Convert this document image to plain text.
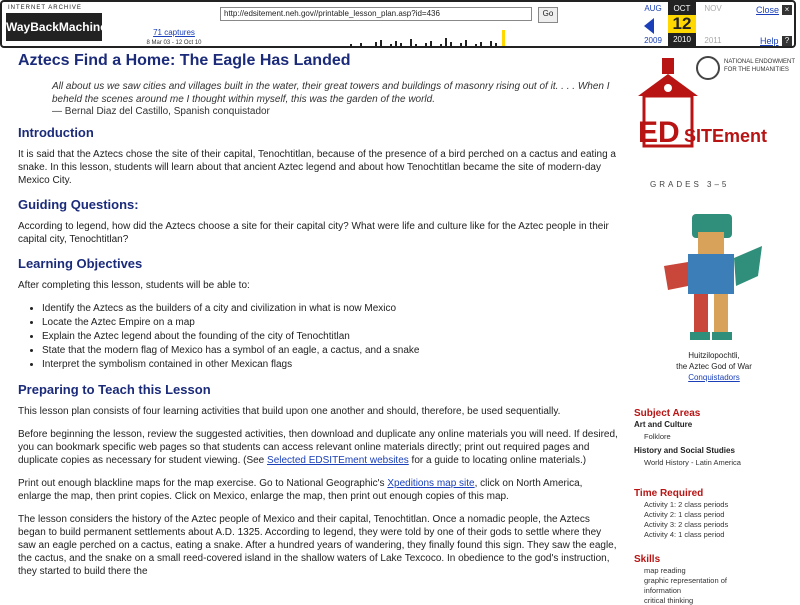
INTERNET ARCHIVE
WayBackMachine	71 captures
8 Mar 03 - 12 Oct 10
http://edsitement.neh.gov//printable_lesson_plan.asp?id=436	Go
AUG	OCT
12
2010
NOV
2009	2011
Close ×
Help ?
Aztecs Find a Home: The Eagle Has Landed
All about us we saw cities and villages built in the water, their great towers and buildings of masonry rising out of it. . . . When I beheld the scenes around me I thought within myself, this was the garden of the world.
— Bernal Diaz del Castillo, Spanish conquistador
Introduction

It is said that the Aztecs chose the site of their capital, Tenochtitlan, because of the presence of a bird perched on a cactus and eating a snake. In this lesson, students will learn about that ancient Aztec legend and about how Tenochtitlan became the site of modern-day Mexico City.

Guiding Questions:

According to legend, how did the Aztecs choose a site for their capital city? What were life and culture like for the Aztec people in their capital city, Tenochtitlan?

Learning Objectives

After completing this lesson, students will be able to:

• Identify the Aztecs as the builders of a city and civilization in what is now Mexico
• Locate the Aztec Empire on a map
• Explain the Aztec legend about the founding of the city of Tenochtitlan
• State that the modern flag of Mexico has a symbol of an eagle, a cactus, and a snake
• Interpret the symbolism contained in other Mexican flags
Preparing to Teach this Lesson

This lesson plan consists of four learning activities that build upon one another and should, therefore, be used sequentially.

Before beginning the lesson, review the suggested activities, then download and duplicate any online materials you will need. If desired, you can bookmark specific web pages so that students can access relevant online materials directly; print out required pages and duplicate copies as necessary for student viewing. (See Selected EDSITEment websites for a guide to locating online materials.)

Print out enough blackline maps for the map exercise. Go to National Geographic's Xpeditions map site, click on North America, enlarge the map, then print copies. Click on Mexico, enlarge the map, then print out enough copies of this map.

The lesson considers the history of the Aztec people of Mexico and their capital, Tenochtitlan. Once a nomadic people, the Aztecs began to build permanent settlements about A.D. 1325. According to legend, they were told by one of their gods to settle where they saw an eagle perched on a cactus, eating a snake. After a hundred years of wandering, they finally found this sign. They saw the eagle, the cactus, and the snake on a small reed-covered island in the shallow waters of Lake Texcoco. In obedience to the god's instruction, they started to build there the

ED SITEment
NATIONAL ENDOWMENT FOR THE HUMANITIES
GRADES 3–5
Huitzilopochtli,
the Aztec God of War
Conquistadors
Subject Areas
Art and Culture
Folklore
History and Social Studies
World History - Latin America
Time Required
Activity 1: 2 class periods
Activity 2: 1 class period
Activity 3: 2 class periods
Activity 4: 1 class period
Skills
map reading
graphic representation of
information
critical thinking
